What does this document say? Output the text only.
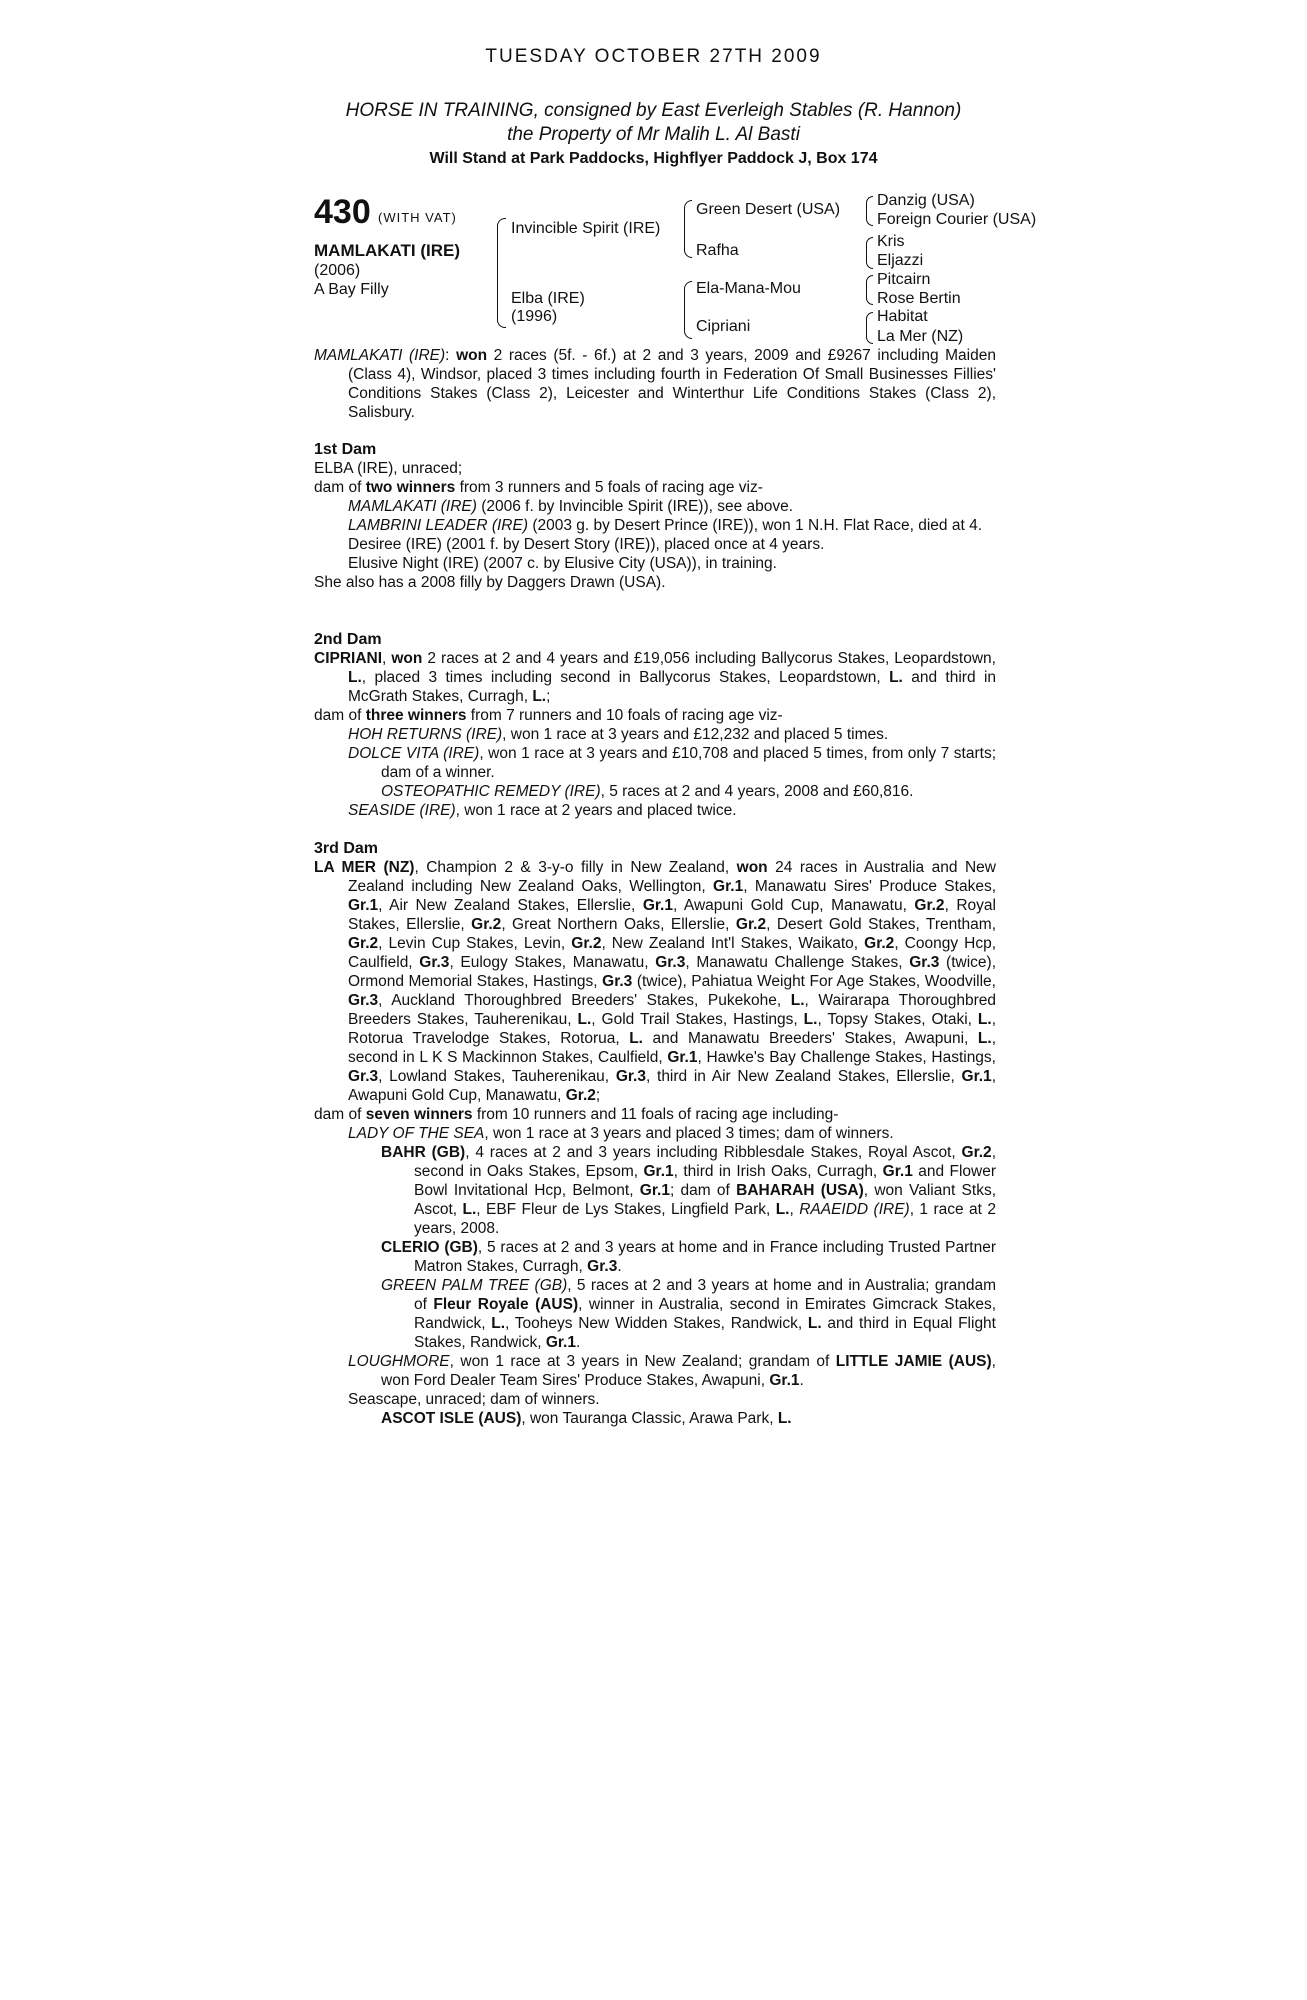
TUESDAY OCTOBER 27TH 2009
HORSE IN TRAINING, consigned by East Everleigh Stables (R. Hannon)
the Property of Mr Malih L. Al Basti
Will Stand at Park Paddocks, Highflyer Paddock J, Box 174
430 (WITH VAT)
MAMLAKATI (IRE)
(2006)
A Bay Filly
Invincible Spirit (IRE)
Elba (IRE)
(1996)
Green Desert (USA)
Rafha
Ela-Mana-Mou
Cipriani
Danzig (USA)
Foreign Courier (USA)
Kris
Eljazzi
Pitcairn
Rose Bertin
Habitat
La Mer (NZ)

MAMLAKATI (IRE): won 2 races (5f. - 6f.) at 2 and 3 years, 2009 and £9267 including Maiden (Class 4), Windsor, placed 3 times including fourth in Federation Of Small Businesses Fillies' Conditions Stakes (Class 2), Leicester and Winterthur Life Conditions Stakes (Class 2), Salisbury.

1st Dam

ELBA (IRE), unraced;

dam of two winners from 3 runners and 5 foals of racing age viz-

MAMLAKATI (IRE) (2006 f. by Invincible Spirit (IRE)), see above.

LAMBRINI LEADER (IRE) (2003 g. by Desert Prince (IRE)), won 1 N.H. Flat Race, died at 4.

Desiree (IRE) (2001 f. by Desert Story (IRE)), placed once at 4 years.

Elusive Night (IRE) (2007 c. by Elusive City (USA)), in training.

She also has a 2008 filly by Daggers Drawn (USA).

2nd Dam

CIPRIANI, won 2 races at 2 and 4 years and £19,056 including Ballycorus Stakes, Leopardstown, L., placed 3 times including second in Ballycorus Stakes, Leopardstown, L. and third in McGrath Stakes, Curragh, L.;

dam of three winners from 7 runners and 10 foals of racing age viz-

HOH RETURNS (IRE), won 1 race at 3 years and £12,232 and placed 5 times.

DOLCE VITA (IRE), won 1 race at 3 years and £10,708 and placed 5 times, from only 7 starts; dam of a winner.

OSTEOPATHIC REMEDY (IRE), 5 races at 2 and 4 years, 2008 and £60,816.

SEASIDE (IRE), won 1 race at 2 years and placed twice.

3rd Dam

LA MER (NZ), Champion 2 & 3-y-o filly in New Zealand, won 24 races in Australia and New Zealand including New Zealand Oaks, Wellington, Gr.1, Manawatu Sires' Produce Stakes, Gr.1, Air New Zealand Stakes, Ellerslie, Gr.1, Awapuni Gold Cup, Manawatu, Gr.2, Royal Stakes, Ellerslie, Gr.2, Great Northern Oaks, Ellerslie, Gr.2, Desert Gold Stakes, Trentham, Gr.2, Levin Cup Stakes, Levin, Gr.2, New Zealand Int'l Stakes, Waikato, Gr.2, Coongy Hcp, Caulfield, Gr.3, Eulogy Stakes, Manawatu, Gr.3, Manawatu Challenge Stakes, Gr.3 (twice), Ormond Memorial Stakes, Hastings, Gr.3 (twice), Pahiatua Weight For Age Stakes, Woodville, Gr.3, Auckland Thoroughbred Breeders' Stakes, Pukekohe, L., Wairarapa Thoroughbred Breeders Stakes, Tauherenikau, L., Gold Trail Stakes, Hastings, L., Topsy Stakes, Otaki, L., Rotorua Travelodge Stakes, Rotorua, L. and Manawatu Breeders' Stakes, Awapuni, L., second in L K S Mackinnon Stakes, Caulfield, Gr.1, Hawke's Bay Challenge Stakes, Hastings, Gr.3, Lowland Stakes, Tauherenikau, Gr.3, third in Air New Zealand Stakes, Ellerslie, Gr.1, Awapuni Gold Cup, Manawatu, Gr.2;

dam of seven winners from 10 runners and 11 foals of racing age including-

LADY OF THE SEA, won 1 race at 3 years and placed 3 times; dam of winners.

BAHR (GB), 4 races at 2 and 3 years including Ribblesdale Stakes, Royal Ascot, Gr.2, second in Oaks Stakes, Epsom, Gr.1, third in Irish Oaks, Curragh, Gr.1 and Flower Bowl Invitational Hcp, Belmont, Gr.1; dam of BAHARAH (USA), won Valiant Stks, Ascot, L., EBF Fleur de Lys Stakes, Lingfield Park, L., RAAEIDD (IRE), 1 race at 2 years, 2008.

CLERIO (GB), 5 races at 2 and 3 years at home and in France including Trusted Partner Matron Stakes, Curragh, Gr.3.

GREEN PALM TREE (GB), 5 races at 2 and 3 years at home and in Australia; grandam of Fleur Royale (AUS), winner in Australia, second in Emirates Gimcrack Stakes, Randwick, L., Tooheys New Widden Stakes, Randwick, L. and third in Equal Flight Stakes, Randwick, Gr.1.

LOUGHMORE, won 1 race at 3 years in New Zealand; grandam of LITTLE JAMIE (AUS), won Ford Dealer Team Sires' Produce Stakes, Awapuni, Gr.1.

Seascape, unraced; dam of winners.

ASCOT ISLE (AUS), won Tauranga Classic, Arawa Park, L.
